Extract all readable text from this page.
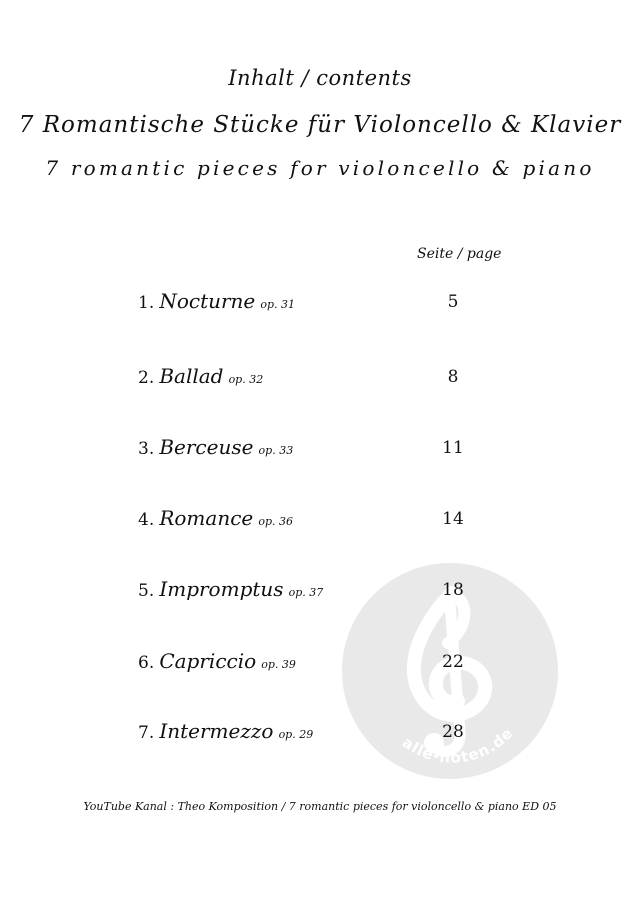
Inhalt / contents
7 Romantische Stücke für Violoncello & Klavier
7 romantic pieces for violoncello & piano
Seite / page
alle-noten.de
1. Nocturne op. 31	5
2. Ballad op. 32	8
3. Berceuse op. 33	11
4. Romance op. 36	14
5. Impromptus op. 37	18
6. Capriccio op. 39	22
7. Intermezzo op. 29	28
YouTube Kanal : Theo Komposition / 7 romantic pieces for violoncello & piano ED 05
